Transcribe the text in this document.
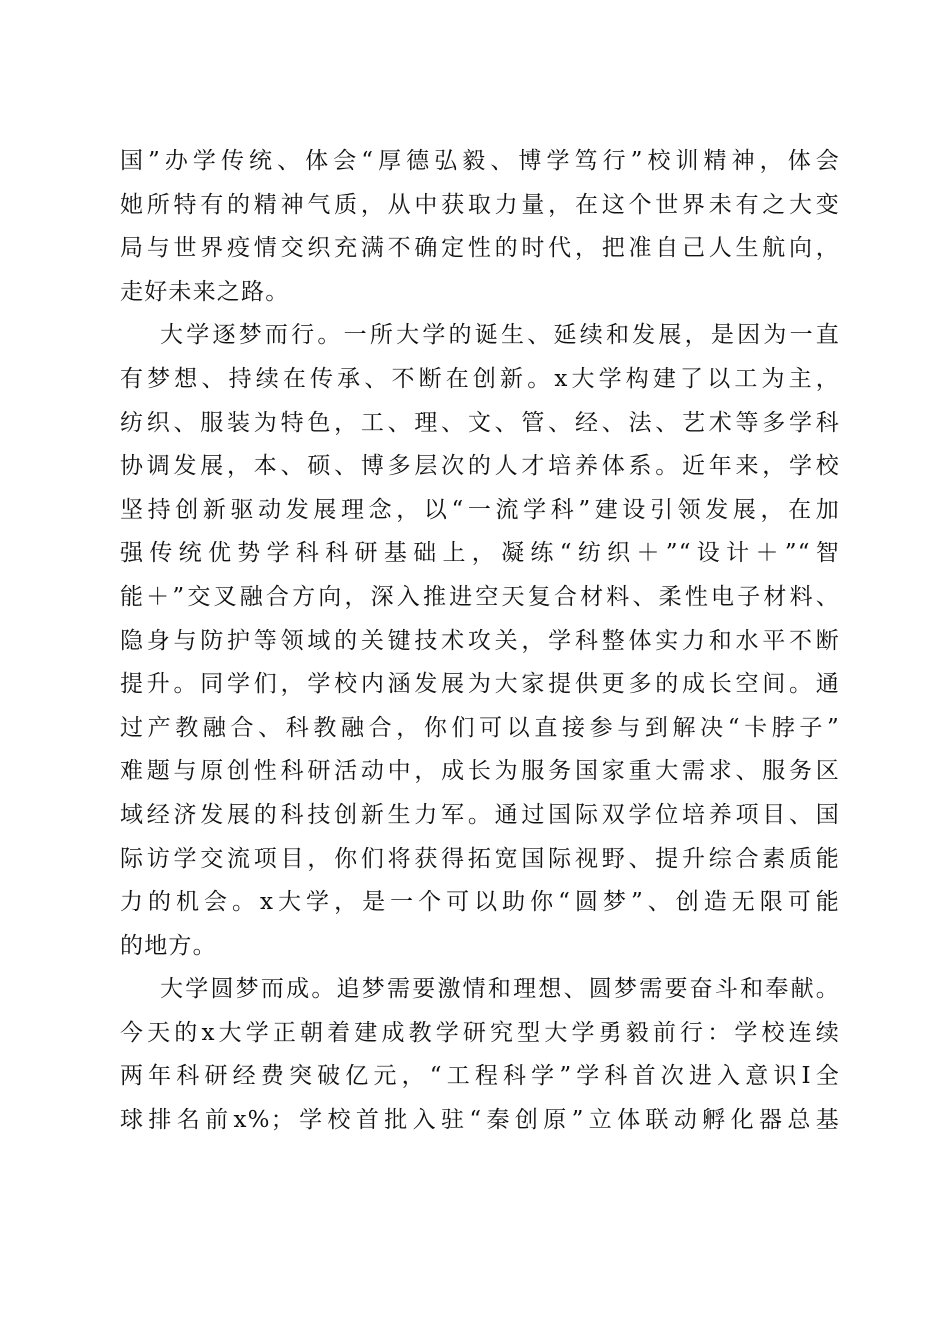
国”办学传统、体会“厚德弘毅、博学笃行”校训精神，体会
她所特有的精神气质，从中获取力量，在这个世界未有之大变
局与世界疫情交织充满不确定性的时代，把准自己人生航向，
走好未来之路。
大学逐梦而行。一所大学的诞生、延续和发展，是因为一直
有梦想、持续在传承、不断在创新。x大学构建了以工为主，
纺织、服装为特色，工、理、文、管、经、法、艺术等多学科
协调发展，本、硕、博多层次的人才培养体系。近年来，学校
坚持创新驱动发展理念，以“一流学科”建设引领发展，在加
强传统优势学科科研基础上，凝练“纺织＋”“设计＋”“智
能＋”交叉融合方向，深入推进空天复合材料、柔性电子材料、
隐身与防护等领域的关键技术攻关，学科整体实力和水平不断
提升。同学们，学校内涵发展为大家提供更多的成长空间。通
过产教融合、科教融合，你们可以直接参与到解决“卡脖子”
难题与原创性科研活动中，成长为服务国家重大需求、服务区
域经济发展的科技创新生力军。通过国际双学位培养项目、国
际访学交流项目，你们将获得拓宽国际视野、提升综合素质能
力的机会。x大学，是一个可以助你“圆梦”、创造无限可能
的地方。
大学圆梦而成。追梦需要激情和理想、圆梦需要奋斗和奉献。
今天的x大学正朝着建成教学研究型大学勇毅前行：学校连续
两年科研经费突破亿元，“工程科学”学科首次进入意识Ⅰ全
球排名前x%；学校首批入驻“秦创原”立体联动孵化器总基
